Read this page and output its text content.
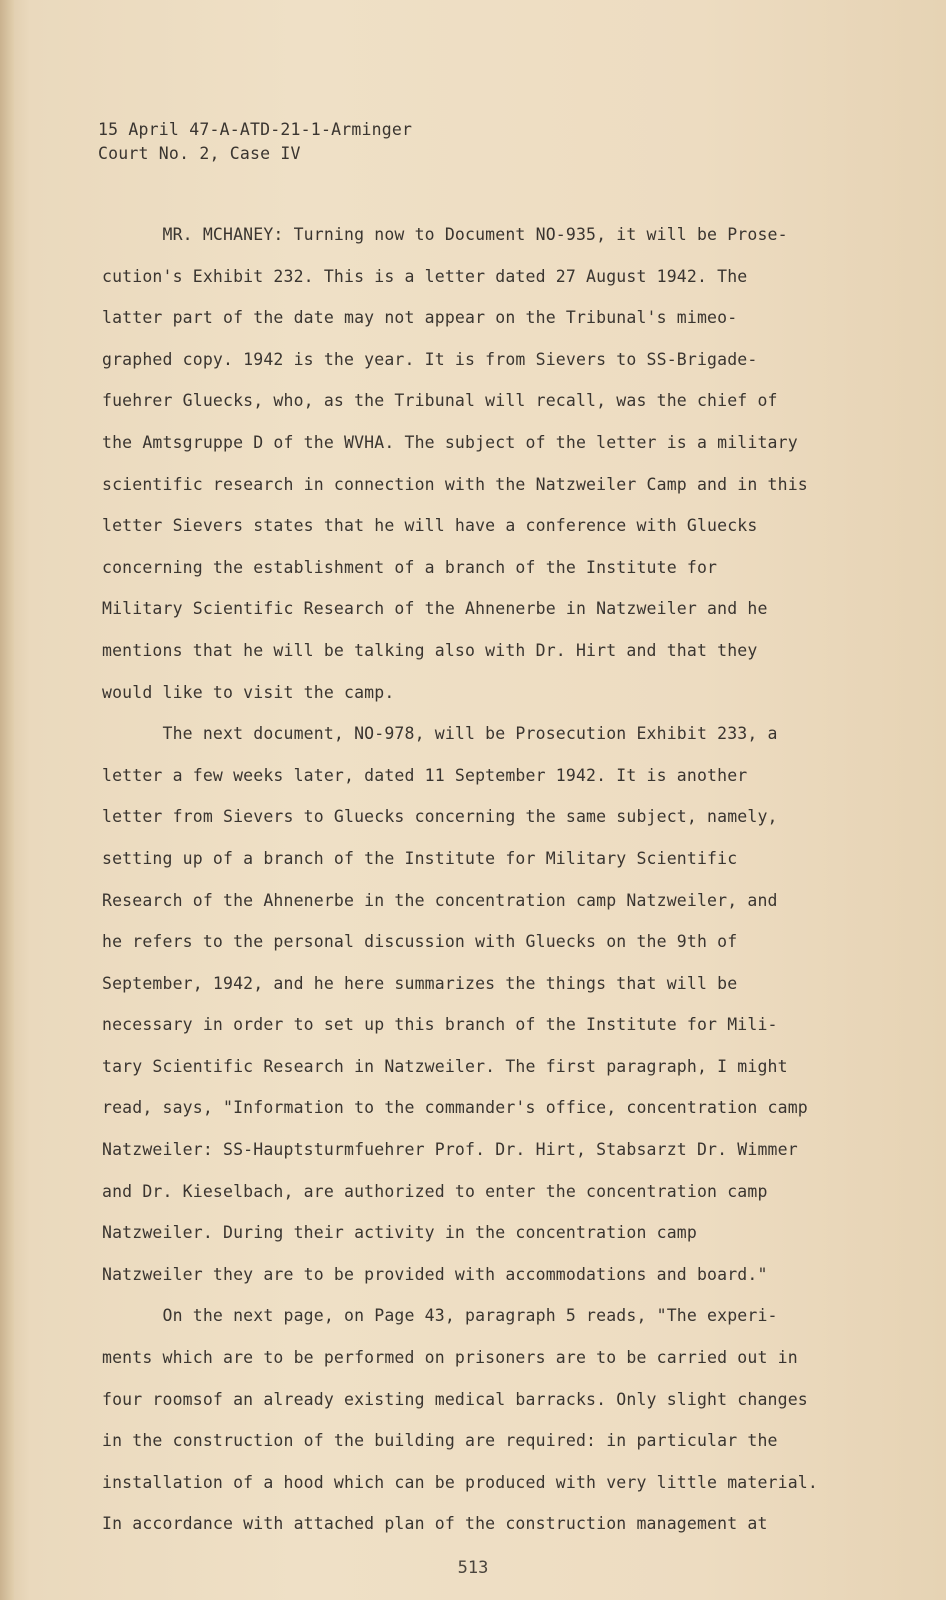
15 April 47-A-ATD-21-1-Arminger
Court No. 2, Case IV
MR. MCHANEY: Turning now to Document NO-935, it will be Prose-
cution's Exhibit 232. This is a letter dated 27 August 1942. The
latter part of the date may not appear on the Tribunal's mimeo-
graphed copy. 1942 is the year. It is from Sievers to SS-Brigade-
fuehrer Gluecks, who, as the Tribunal will recall, was the chief of
the Amtsgruppe D of the WVHA. The subject of the letter is a military
scientific research in connection with the Natzweiler Camp and in this
letter Sievers states that he will have a conference with Gluecks
concerning the establishment of a branch of the Institute for
Military Scientific Research of the Ahnenerbe in Natzweiler and he
mentions that he will be talking also with Dr. Hirt and that they
would like to visit the camp.
The next document, NO-978, will be Prosecution Exhibit 233, a
letter a few weeks later, dated 11 September 1942. It is another
letter from Sievers to Gluecks concerning the same subject, namely,
setting up of a branch of the Institute for Military Scientific
Research of the Ahnenerbe in the concentration camp Natzweiler, and
he refers to the personal discussion with Gluecks on the 9th of
September, 1942, and he here summarizes the things that will be
necessary in order to set up this branch of the Institute for Mili-
tary Scientific Research in Natzweiler. The first paragraph, I might
read, says, "Information to the commander's office, concentration camp
Natzweiler: SS-Hauptsturmfuehrer Prof. Dr. Hirt, Stabsarzt Dr. Wimmer
and Dr. Kieselbach, are authorized to enter the concentration camp
Natzweiler. During their activity in the concentration camp
Natzweiler they are to be provided with accommodations and board."
On the next page, on Page 43, paragraph 5 reads, "The experi-
ments which are to be performed on prisoners are to be carried out in
four roomsof an already existing medical barracks. Only slight changes
in the construction of the building are required: in particular the
installation of a hood which can be produced with very little material.
In accordance with attached plan of the construction management at
513
